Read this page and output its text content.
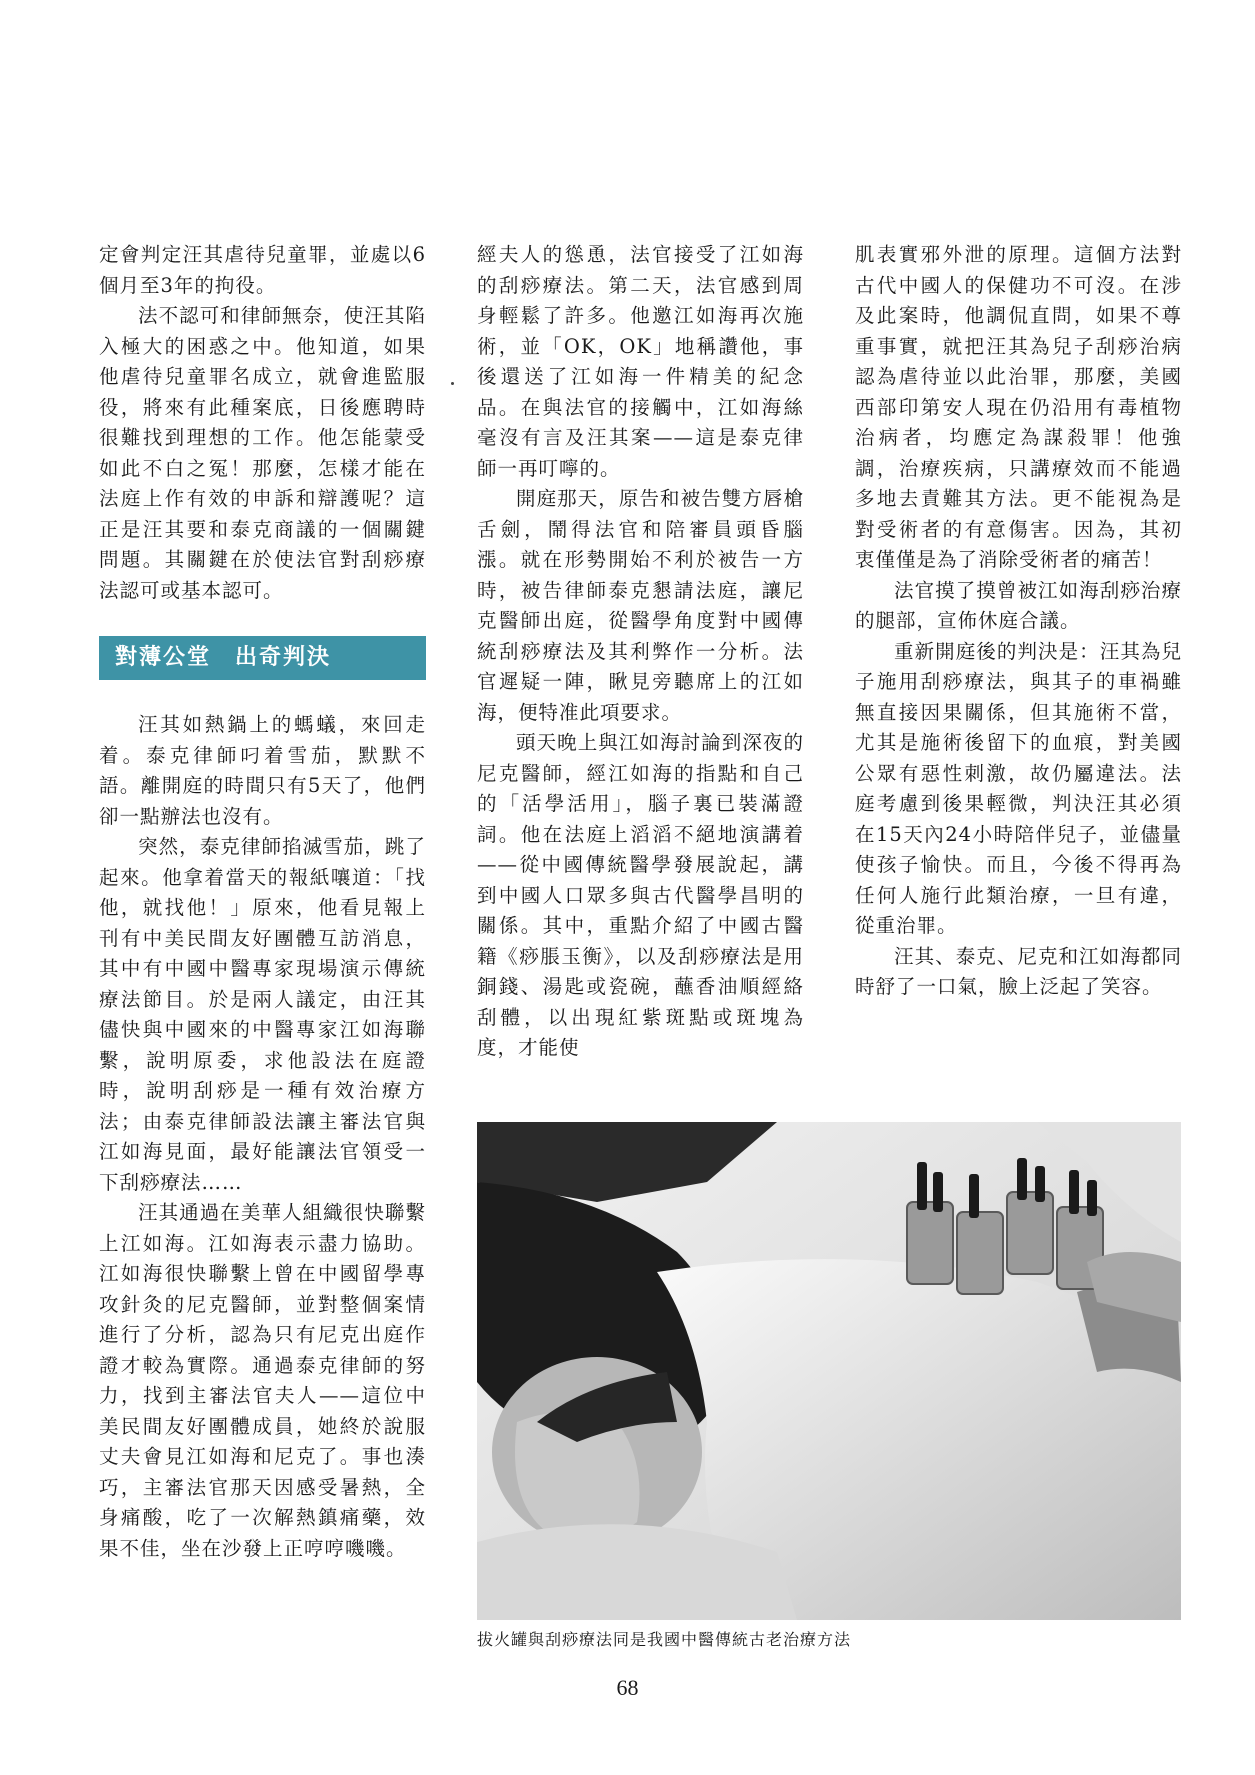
定會判定汪其虐待兒童罪，並處以6個月至3年的拘役。

法不認可和律師無奈，使汪其陷入極大的困惑之中。他知道，如果他虐待兒童罪名成立，就會進監服役，將來有此種案底，日後應聘時很難找到理想的工作。他怎能蒙受如此不白之冤！那麼，怎樣才能在法庭上作有效的申訴和辯護呢？這正是汪其要和泰克商議的一個關鍵問題。其關鍵在於使法官對刮痧療法認可或基本認可。

對薄公堂　出奇判決

汪其如熱鍋上的螞蟻，來回走着。泰克律師叼着雪茄，默默不語。離開庭的時間只有5天了，他們卻一點辦法也沒有。

突然，泰克律師掐滅雪茄，跳了起來。他拿着當天的報紙嚷道：「找他，就找他！」原來，他看見報上刊有中美民間友好團體互訪消息，其中有中國中醫專家現場演示傳統療法節目。於是兩人議定，由汪其儘快與中國來的中醫專家江如海聯繫，說明原委，求他設法在庭證時，說明刮痧是一種有效治療方法；由泰克律師設法讓主審法官與江如海見面，最好能讓法官領受一下刮痧療法……

汪其通過在美華人組織很快聯繫上江如海。江如海表示盡力協助。江如海很快聯繫上曾在中國留學專攻針灸的尼克醫師，並對整個案情進行了分析，認為只有尼克出庭作證才較為實際。通過泰克律師的努力，找到主審法官夫人——這位中美民間友好團體成員，她終於說服丈夫會見江如海和尼克了。事也湊巧，主審法官那天因感受暑熱，全身痛酸，吃了一次解熱鎮痛藥，效果不佳，坐在沙發上正哼哼嘰嘰。

經夫人的慫恿，法官接受了江如海的刮痧療法。第二天，法官感到周身輕鬆了許多。他邀江如海再次施術，並「OK，OK」地稱讚他，事後還送了江如海一件精美的紀念品。在與法官的接觸中，江如海絲毫沒有言及汪其案——這是泰克律師一再叮嚀的。

開庭那天，原告和被告雙方唇槍舌劍，鬧得法官和陪審員頭昏腦漲。就在形勢開始不利於被告一方時，被告律師泰克懇請法庭，讓尼克醫師出庭，從醫學角度對中國傳統刮痧療法及其利弊作一分析。法官遲疑一陣，瞅見旁聽席上的江如海，便特准此項要求。

頭天晚上與江如海討論到深夜的尼克醫師，經江如海的指點和自己的「活學活用」，腦子裏已裝滿證詞。他在法庭上滔滔不絕地演講着——從中國傳統醫學發展說起，講到中國人口眾多與古代醫學昌明的關係。其中，重點介紹了中國古醫籍《痧脹玉衡》，以及刮痧療法是用銅錢、湯匙或瓷碗，蘸香油順經絡刮體，以出現紅紫斑點或斑塊為度，才能使

肌表實邪外泄的原理。這個方法對古代中國人的保健功不可沒。在涉及此案時，他調侃直問，如果不尊重事實，就把汪其為兒子刮痧治病認為虐待並以此治罪，那麼，美國西部印第安人現在仍沿用有毒植物治病者，均應定為謀殺罪！他強調，治療疾病，只講療效而不能過多地去責難其方法。更不能視為是對受術者的有意傷害。因為，其初衷僅僅是為了消除受術者的痛苦！

法官摸了摸曾被江如海刮痧治療的腿部，宣佈休庭合議。

重新開庭後的判決是：汪其為兒子施用刮痧療法，與其子的車禍雖無直接因果關係，但其施術不當，尤其是施術後留下的血痕，對美國公眾有惡性刺激，故仍屬違法。法庭考慮到後果輕微，判決汪其必須在15天內24小時陪伴兒子，並儘量使孩子愉快。而且，今後不得再為任何人施行此類治療，一旦有違，從重治罪。

汪其、泰克、尼克和江如海都同時舒了一口氣，臉上泛起了笑容。

拔火罐與刮痧療法同是我國中醫傳統古老治療方法
68
